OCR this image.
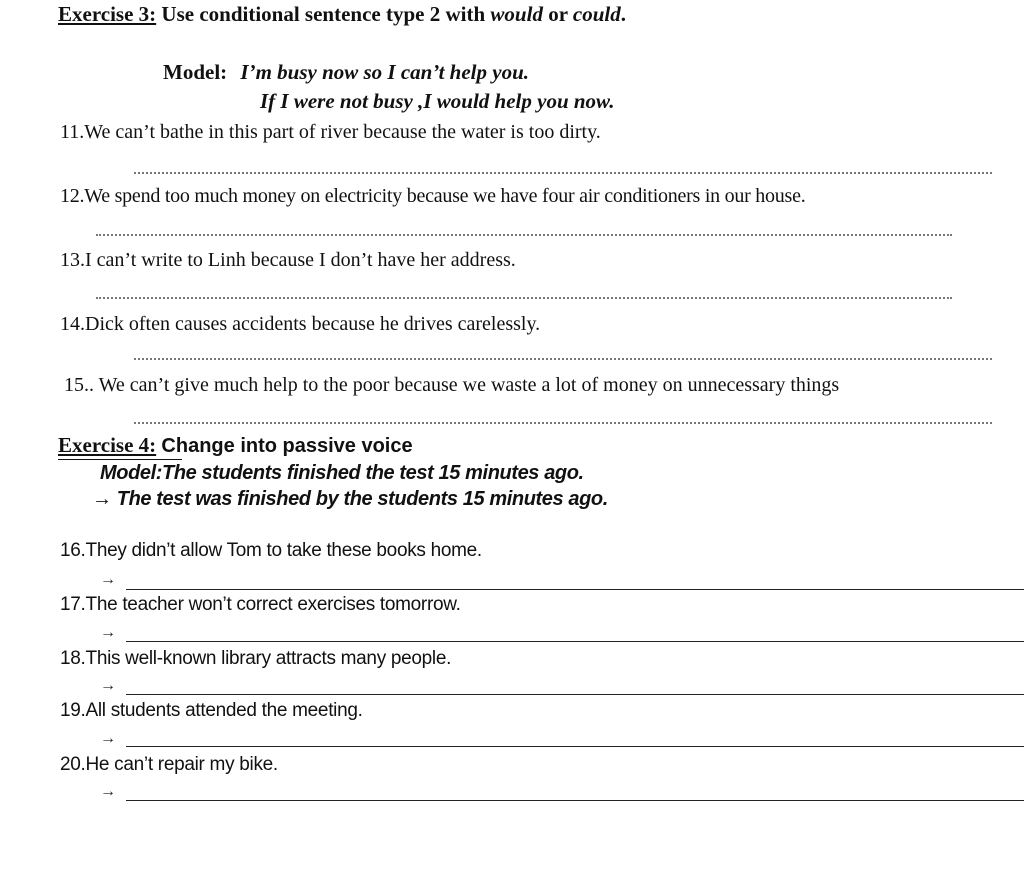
Exercise 3: Use conditional sentence type 2 with would or could.
Model: I’m busy now so I can’t help you.
If I were not busy ,I would help you now.
11.We can’t bathe in this part of river because the water is too dirty.
12.We spend too much money on electricity because we have four air conditioners in our house.
13.I can’t write to Linh because I don’t have her address.
14.Dick often causes accidents because he drives carelessly.
15.. We can’t give much help to the poor because we waste a lot of money on unnecessary things
Exercise 4: Change into passive voice
Model:The students finished the test 15 minutes ago.
→ The test was finished by the students 15 minutes ago.
16.They didn’t allow Tom to take these books home.
→
17.The teacher won’t correct exercises tomorrow.
→
18.This well-known library attracts many people.
→
19.All students attended the meeting.
→
20.He can’t repair my bike.
→
